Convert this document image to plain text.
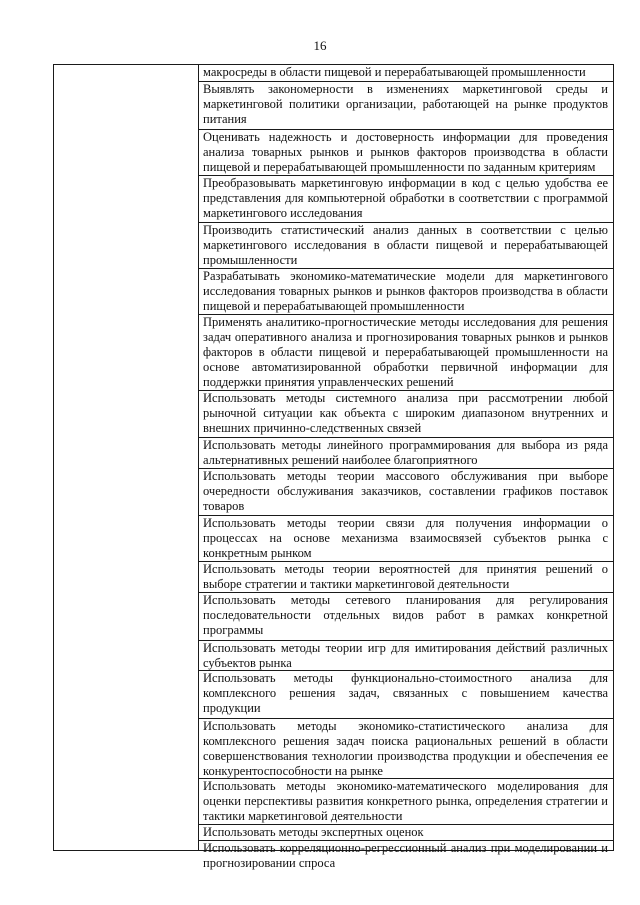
16
макросреды в области пищевой и перерабатывающей промышленности
Выявлять закономерности в изменениях маркетинговой среды и маркетинговой политики организации, работающей на рынке продуктов питания
Оценивать надежность и достоверность информации для проведения анализа товарных рынков и рынков факторов производства в области пищевой и перерабатывающей промышленности по заданным критериям
Преобразовывать маркетинговую информации в код с целью удобства ее представления для компьютерной обработки в соответствии с программой маркетингового исследования
Производить статистический анализ данных в соответствии с целью маркетингового исследования в области пищевой и перерабатывающей промышленности
Разрабатывать экономико-математические модели для маркетингового исследования товарных рынков и рынков факторов производства в области пищевой и перерабатывающей промышленности
Применять аналитико-прогностические методы исследования для решения задач оперативного анализа и прогнозирования товарных рынков и рынков факторов в области пищевой и перерабатывающей промышленности на основе автоматизированной обработки первичной информации для поддержки принятия управленческих решений
Использовать методы системного анализа при рассмотрении любой рыночной ситуации как объекта с широким диапазоном внутренних и внешних причинно-следственных связей
Использовать методы линейного программирования для выбора из ряда альтернативных решений наиболее благоприятного
Использовать методы теории массового обслуживания при выборе очередности обслуживания заказчиков, составлении графиков поставок товаров
Использовать методы теории связи для получения информации о процессах на основе механизма взаимосвязей субъектов рынка с конкретным рынком
Использовать методы теории вероятностей для принятия решений о выборе стратегии и тактики маркетинговой деятельности
Использовать методы сетевого планирования для регулирования последовательности отдельных видов работ в рамках конкретной программы
Использовать методы теории игр для имитирования действий различных субъектов рынка
Использовать методы функционально-стоимостного анализа для комплексного решения задач, связанных с повышением качества продукции
Использовать методы экономико-статистического анализа для комплексного решения задач поиска рациональных решений в области совершенствования технологии производства продукции и обеспечения ее конкурентоспособности на рынке
Использовать методы экономико-математического моделирования для оценки перспективы развития конкретного рынка, определения стратегии и тактики маркетинговой деятельности
Использовать методы экспертных оценок
Использовать корреляционно-регрессионный анализ при моделировании и прогнозировании спроса
